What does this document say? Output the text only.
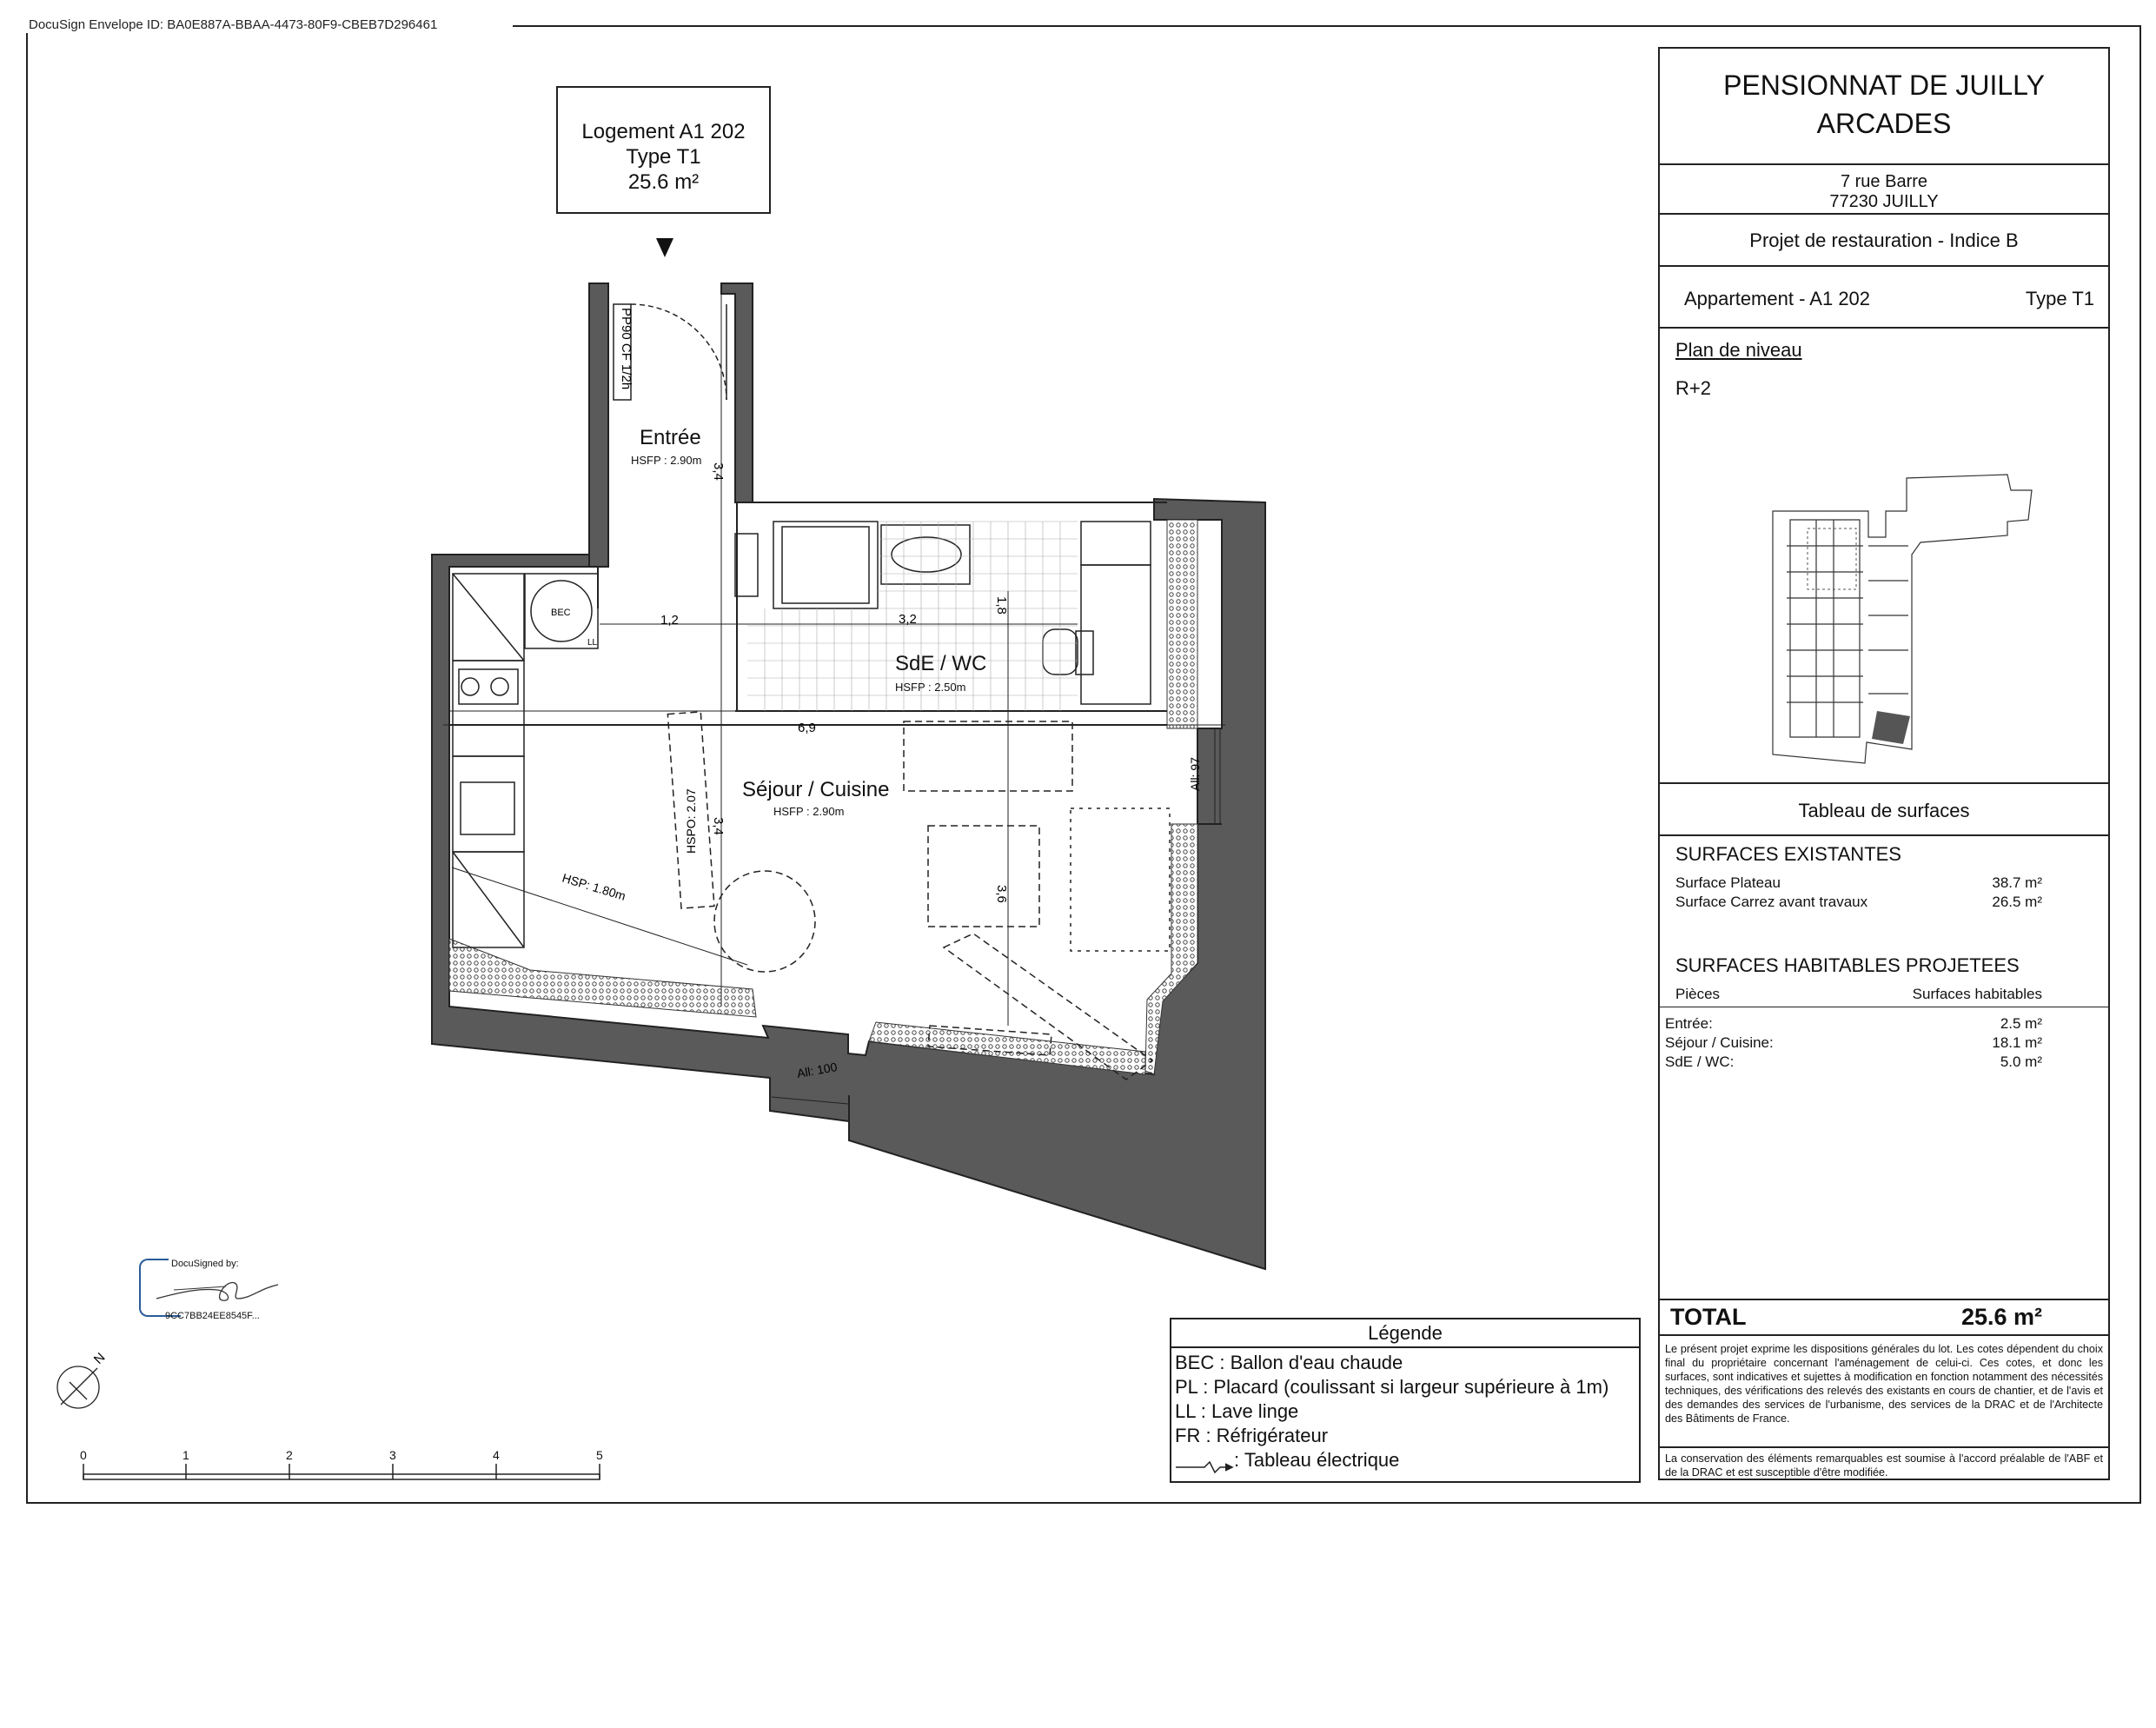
DocuSign Envelope ID: BA0E887A-BBAA-4473-80F9-CBEB7D296461
BEC
LL
PP90 CF 1/2h
1,2	3,2
1,8
3,4
6,9
3,4
3,6
HSPO: 2.07
HSP: 1.80m
All: 97
All: 100
N
Entrée
HSFP : 2.90m
SdE / WC
HSFP : 2.50m
Séjour / Cuisine
HSFP : 2.90m
Logement A1 202
Type T1
25.6 m²
PENSIONNAT DE JUILLY
ARCADES
7 rue Barre
77230 JUILLY
Projet de restauration - Indice B
Appartement - A1 202	Type T1
Plan de niveau
R+2
Tableau de surfaces
SURFACES EXISTANTES
Surface Plateau	38.7 m²
Surface Carrez avant travaux	26.5 m²
SURFACES HABITABLES PROJETEES
Pièces	Surfaces habitables
Entrée:	2.5 m²
Séjour / Cuisine:	18.1 m²
SdE / WC:	5.0 m²
TOTAL	25.6 m²
Le présent projet exprime les dispositions générales du lot. Les cotes dépendent du choix final du propriétaire concernant l'aménagement de celui-ci. Ces cotes, et donc les surfaces, sont indicatives et sujettes à modification en fonction notamment des nécessités techniques, des vérifications des relevés des existants en cours de chantier, et de l'avis et des demandes des services de l'urbanisme, des services de la DRAC et de l'Architecte des Bâtiments de France.
La conservation des éléments remarquables est soumise à l'accord préalable de l'ABF et de la DRAC et est susceptible d'être modifiée.
Légende
BEC : Ballon d'eau chaude
PL : Placard (coulissant si largeur supérieure à 1m)
LL : Lave linge
FR : Réfrigérateur
: Tableau électrique
DocuSigned by:
9CC7BB24EE8545F...
0	1	2	3	4	5
